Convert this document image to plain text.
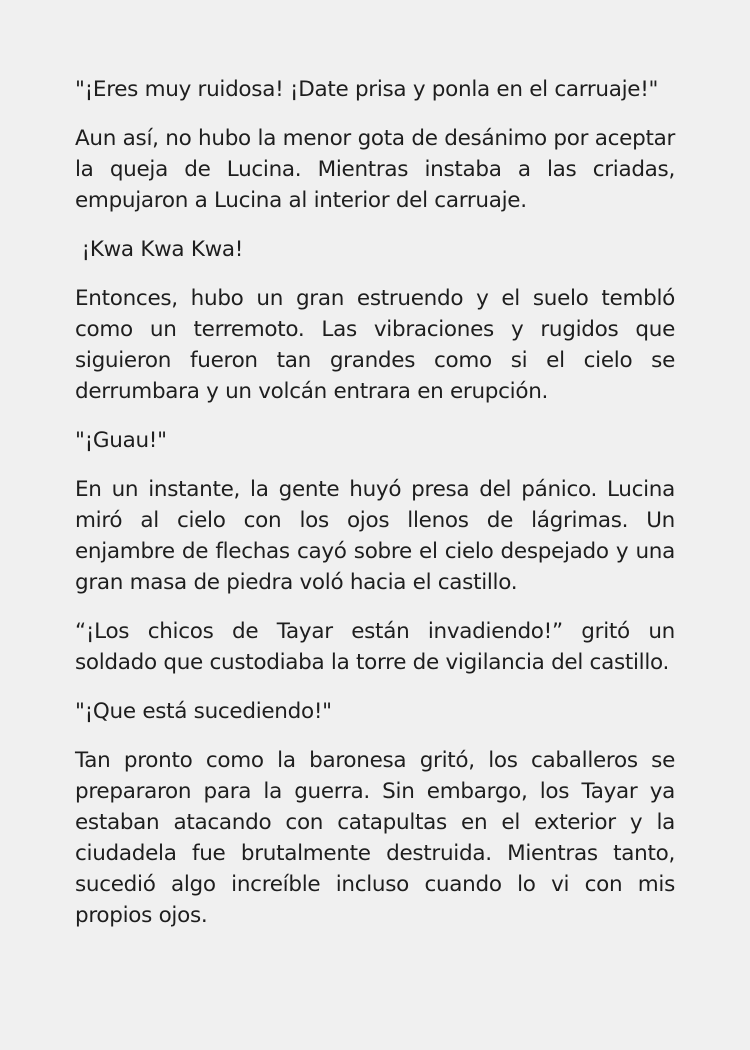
"¡Eres muy ruidosa! ¡Date prisa y ponla en el carruaje!"

Aun así, no hubo la menor gota de desánimo por aceptar la queja de Lucina. Mientras instaba a las criadas, empujaron a Lucina al interior del carruaje.

¡Kwa Kwa Kwa!

Entonces, hubo un gran estruendo y el suelo tembló como un terremoto. Las vibraciones y rugidos que siguieron fueron tan grandes como si el cielo se derrumbara y un volcán entrara en erupción.

"¡Guau!"

En un instante, la gente huyó presa del pánico. Lucina miró al cielo con los ojos llenos de lágrimas. Un enjambre de flechas cayó sobre el cielo despejado y una gran masa de piedra voló hacia el castillo.

“¡Los chicos de Tayar están invadiendo!” gritó un soldado que custodiaba la torre de vigilancia del castillo.

"¡Que está sucediendo!"

Tan pronto como la baronesa gritó, los caballeros se prepararon para la guerra. Sin embargo, los Tayar ya estaban atacando con catapultas en el exterior y la ciudadela fue brutalmente destruida. Mientras tanto, sucedió algo increíble incluso cuando lo vi con mis propios ojos.
